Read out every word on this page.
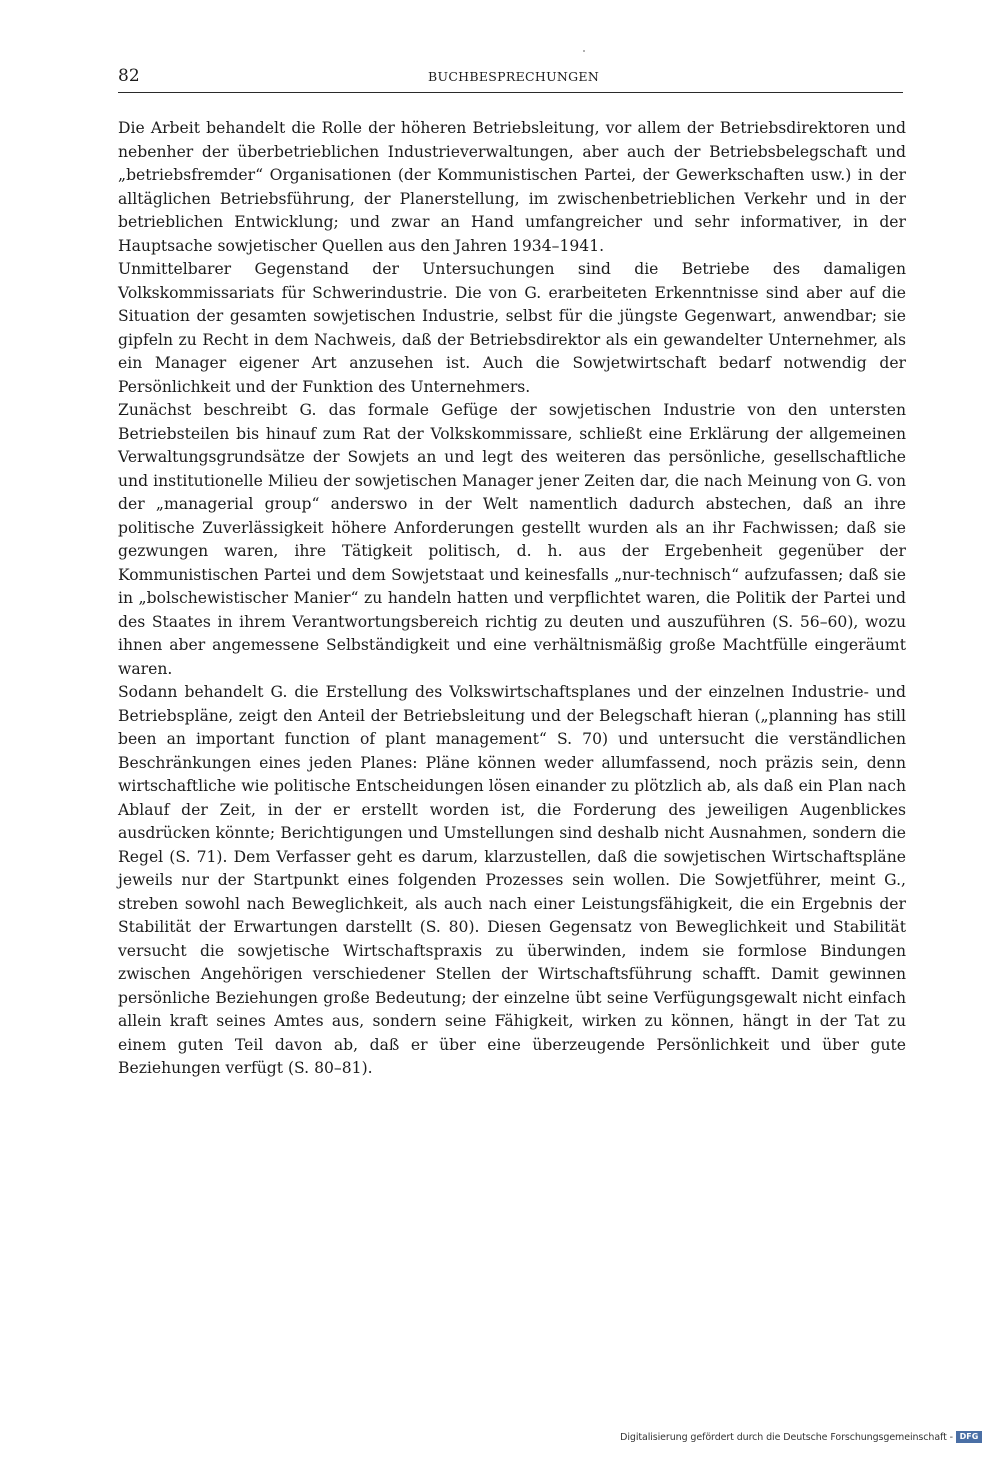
82	BUCHBESPRECHUNGEN

Die Arbeit behandelt die Rolle der höheren Betriebsleitung, vor allem der Betriebsdirektoren und nebenher der überbetrieblichen Industrieverwaltungen, aber auch der Betriebsbelegschaft und „betriebsfremder“ Organisationen (der Kommunistischen Partei, der Gewerkschaften usw.) in der alltäglichen Betriebsführung, der Planerstellung, im zwischenbetrieblichen Verkehr und in der betrieblichen Entwicklung; und zwar an Hand umfangreicher und sehr informativer, in der Hauptsache sowjetischer Quellen aus den Jahren 1934–1941.

Unmittelbarer Gegenstand der Untersuchungen sind die Betriebe des damaligen Volkskommissariats für Schwerindustrie. Die von G. erarbeiteten Erkenntnisse sind aber auf die Situation der gesamten sowjetischen Industrie, selbst für die jüngste Gegenwart, anwendbar; sie gipfeln zu Recht in dem Nachweis, daß der Betriebsdirektor als ein gewandelter Unternehmer, als ein Manager eigener Art anzusehen ist. Auch die Sowjetwirtschaft bedarf notwendig der Persönlichkeit und der Funktion des Unternehmers.

Zunächst beschreibt G. das formale Gefüge der sowjetischen Industrie von den untersten Betriebsteilen bis hinauf zum Rat der Volkskommissare, schließt eine Erklärung der allgemeinen Verwaltungsgrundsätze der Sowjets an und legt des weiteren das persönliche, gesellschaftliche und institutionelle Milieu der sowjetischen Manager jener Zeiten dar, die nach Meinung von G. von der „managerial group“ anderswo in der Welt namentlich dadurch abstechen, daß an ihre politische Zuverlässigkeit höhere Anforderungen gestellt wurden als an ihr Fachwissen; daß sie gezwungen waren, ihre Tätigkeit politisch, d. h. aus der Ergebenheit gegenüber der Kommunistischen Partei und dem Sowjetstaat und keinesfalls „nur-technisch“ aufzufassen; daß sie in „bolschewistischer Manier“ zu handeln hatten und verpflichtet waren, die Politik der Partei und des Staates in ihrem Verantwortungsbereich richtig zu deuten und auszuführen (S. 56–60), wozu ihnen aber angemessene Selbständigkeit und eine verhältnismäßig große Machtfülle eingeräumt waren.

Sodann behandelt G. die Erstellung des Volkswirtschaftsplanes und der einzelnen Industrie- und Betriebspläne, zeigt den Anteil der Betriebsleitung und der Belegschaft hieran („planning has still been an important function of plant management“ S. 70) und untersucht die verständlichen Beschränkungen eines jeden Planes: Pläne können weder allumfassend, noch präzis sein, denn wirtschaftliche wie politische Entscheidungen lösen einander zu plötzlich ab, als daß ein Plan nach Ablauf der Zeit, in der er erstellt worden ist, die Forderung des jeweiligen Augenblickes ausdrücken könnte; Berichtigungen und Umstellungen sind deshalb nicht Ausnahmen, sondern die Regel (S. 71). Dem Verfasser geht es darum, klarzustellen, daß die sowjetischen Wirtschaftspläne jeweils nur der Startpunkt eines folgenden Prozesses sein wollen. Die Sowjetführer, meint G., streben sowohl nach Beweglichkeit, als auch nach einer Leistungsfähigkeit, die ein Ergebnis der Stabilität der Erwartungen darstellt (S. 80). Diesen Gegensatz von Beweglichkeit und Stabilität versucht die sowjetische Wirtschaftspraxis zu überwinden, indem sie formlose Bindungen zwischen Angehörigen verschiedener Stellen der Wirtschaftsführung schafft. Damit gewinnen persönliche Beziehungen große Bedeutung; der einzelne übt seine Verfügungsgewalt nicht einfach allein kraft seines Amtes aus, sondern seine Fähigkeit, wirken zu können, hängt in der Tat zu einem guten Teil davon ab, daß er über eine überzeugende Persönlichkeit und über gute Beziehungen verfügt (S. 80–81).

Digitalisierung gefördert durch die Deutsche Forschungsgemeinschaft - DFG
